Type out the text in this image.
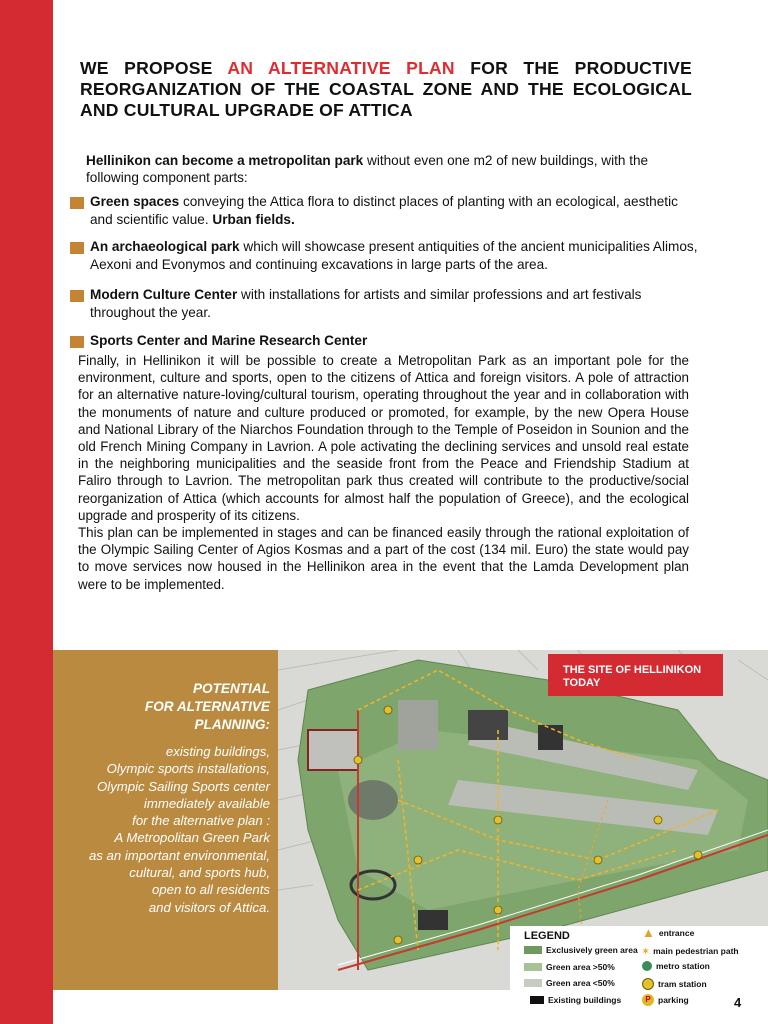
WE PROPOSE AN ALTERNATIVE PLAN FOR THE PRODUCTIVE REORGANIZATION OF THE COASTAL ZONE AND THE ECOLOGICAL AND CULTURAL UPGRADE OF ATTICA
Hellinikon can become a metropolitan park without even one m2 of new buildings, with the following component parts:
Green spaces conveying the Attica flora to distinct places of planting with an ecological, aesthetic and scientific value. Urban fields.
An archaeological park which will showcase present antiquities of the ancient municipalities Alimos, Aexoni and Evonymos and continuing excavations in large parts of the area.
Modern Culture Center with installations for artists and similar professions and art festivals throughout the year.
Sports Center and Marine Research Center

Finally, in Hellinikon it will be possible to create a Metropolitan Park as an important pole for the environment, culture and sports, open to the citizens of Attica and foreign visitors. A pole of attraction for an alternative nature-loving/cultural tourism, operating throughout the year and in collaboration with the monuments of nature and culture produced or promoted, for example, by the new Opera House and National Library of the Niarchos Foundation through to the Temple of Poseidon in Sounion and the old French Mining Company in Lavrion. A pole activating the declining services and unsold real estate in the neighboring municipalities and the seaside front from the Peace and Friendship Stadium at Faliro through to Lavrion. The metropolitan park thus created will contribute to the productive/social reorganization of Attica (which accounts for almost half the population of Greece), and the ecological upgrade and prosperity of its citizens.

This plan can be implemented in stages and can be financed easily through the rational exploitation of the Olympic Sailing Center of Agios Kosmas and a part of the cost (134 mil. Euro) the state would pay to move services now housed in the Hellinikon area in the event that the Lamda Development plan were to be implemented.

POTENTIAL
FOR ALTERNATIVE
PLANNING:
existing buildings,
Olympic sports installations,
Olympic Sailing Sports center
immediately available
for the alternative plan :
A Metropolitan Green Park
as an important environmental,
cultural, and sports hub,
open to all residents
and visitors of Attica.
THE SITE OF HELLINIKON
TODAY
LEGEND
Exclusively green area
Green area >50%
Green area <50%
Existing buildings
▲ entrance
✶ main pedestrian path
metro station
tram station
P parking	4
